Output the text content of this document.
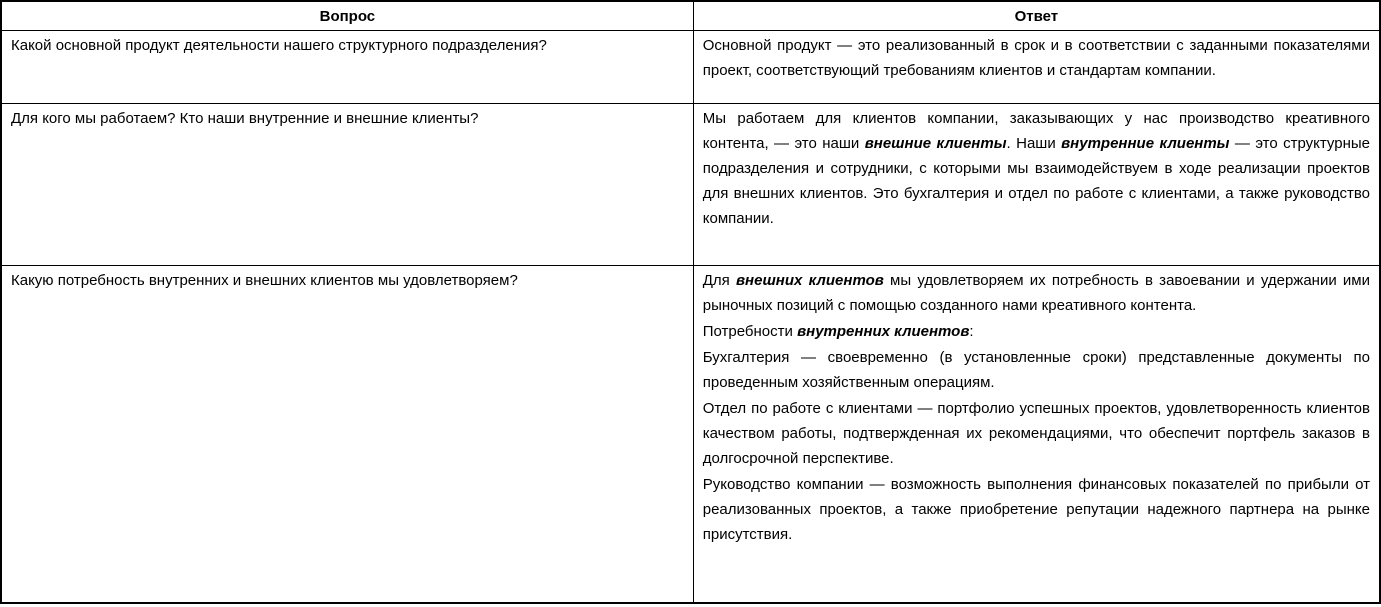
Вопрос	Ответ

Какой основной продукт деятельности нашего структурного подразделения?	Основной продукт — это реализованный в срок и в соответствии с заданными показателями проект, соответствующий требованиям клиентов и стандартам компании.

Для кого мы работаем? Кто наши внутренние и внешние клиенты?	Мы работаем для клиентов компании, заказывающих у нас производство креативного контента, — это наши внешние клиенты. Наши внутренние клиенты — это структурные подразделения и сотрудники, с которыми мы взаимодействуем в ходе реализации проектов для внешних клиентов. Это бухгалтерия и отдел по работе с клиентами, а также руководство компании.

Какую потребность внутренних и внешних клиентов мы удовлетворяем?	Для внешних клиентов мы удовлетворяем их потребность в завоевании и удержании ими рыночных позиций с помощью созданного нами креативного контента.

Потребности внутренних клиентов:

Бухгалтерия — своевременно (в установленные сроки) представленные документы по проведенным хозяйственным операциям.

Отдел по работе с клиентами — портфолио успешных проектов, удовлетворенность клиентов качеством работы, подтвержденная их рекомендациями, что обеспечит портфель заказов в долгосрочной перспективе.

Руководство компании — возможность выполнения финансовых показателей по прибыли от реализованных проектов, а также приобретение репутации надежного партнера на рынке присутствия.
